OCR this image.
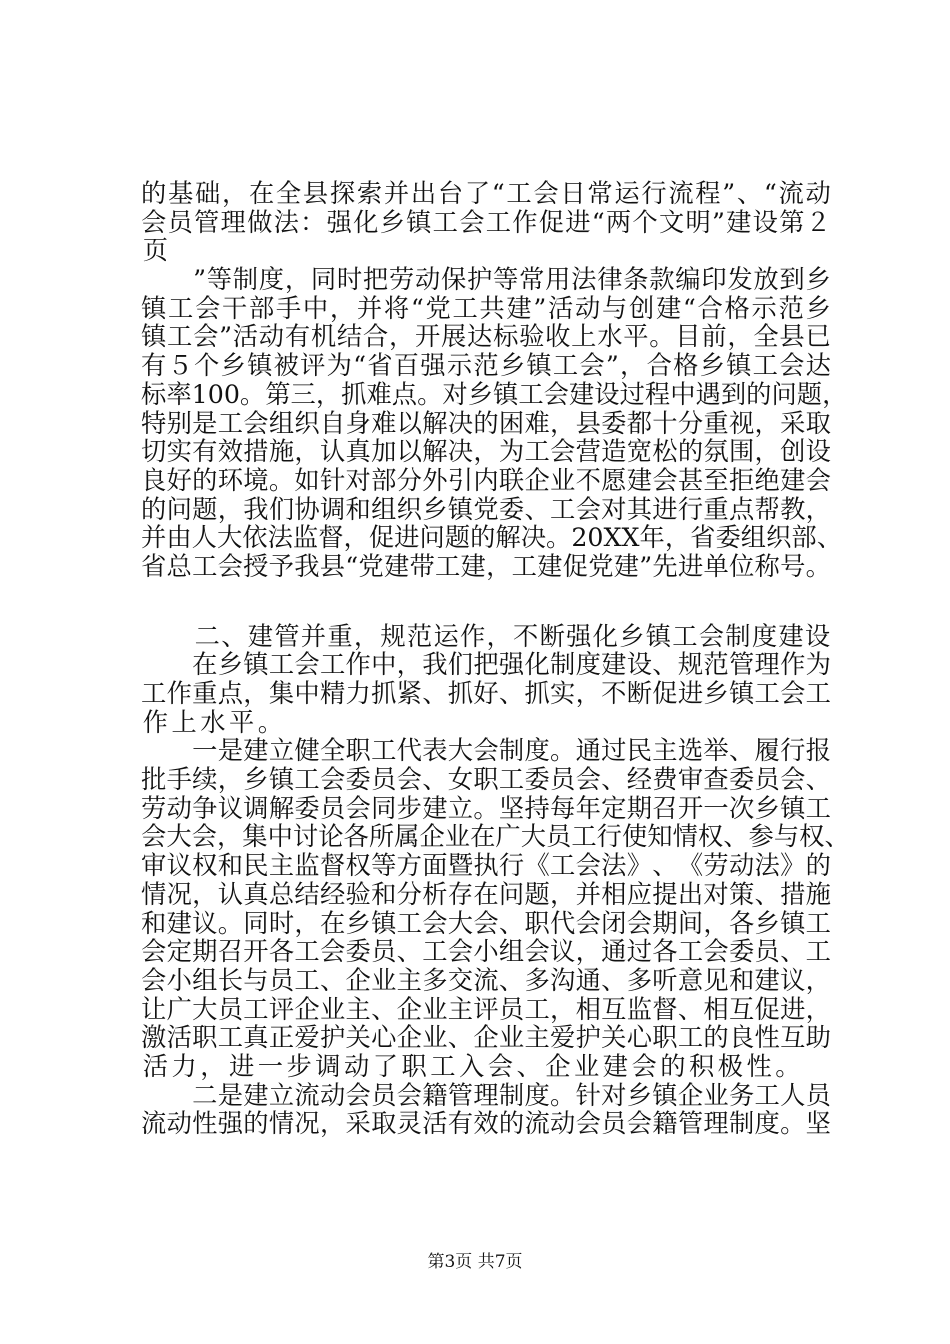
的 基 础 ， 在 全 县 探 索 并 出 台 了 “ 工 会 日 常 运 行 流 程 ” 、 “ 流 动
会 员 管 理 做 法 ： 强 化 乡 镇 工 会 工 作 促 进 “ 两 个 文 明 ” 建 设 第 ２
页

” 等 制 度 ， 同 时 把 劳 动 保 护 等 常 用 法 律 条 款 编 印 发 放 到 乡
镇 工 会 干 部 手 中 ， 并 将 “ 党 工 共 建 ” 活 动 与 创 建 “ 合 格 示 范 乡
镇 工 会 ” 活 动 有 机 结 合 ， 开 展 达 标 验 收 上 水 平 。 目 前 ， 全 县 已
有 ５ 个 乡 镇 被 评 为 “ 省 百 强 示 范 乡 镇 工 会 ” ， 合 格 乡 镇 工 会 达
标 率 100 。 第 三 ， 抓 难 点 。 对 乡 镇 工 会 建 设 过 程 中 遇 到 的 问 题 ，
特 别 是 工 会 组 织 自 身 难 以 解 决 的 困 难 ， 县 委 都 十 分 重 视 ， 采 取
切 实 有 效 措 施 ， 认 真 加 以 解 决 ， 为 工 会 营 造 宽 松 的 氛 围 ， 创 设
良 好 的 环 境 。 如 针 对 部 分 外 引 内 联 企 业 不 愿 建 会 甚 至 拒 绝 建 会
的 问 题 ， 我 们 协 调 和 组 织 乡 镇 党 委 、 工 会 对 其 进 行 重 点 帮 教 ，
并 由 人 大 依 法 监 督 ， 促 进 问 题 的 解 决 。 20XX 年 ， 省 委 组 织 部 、
省 总 工 会 授 予 我 县 “ 党 建 带 工 建 ， 工 建 促 党 建 ” 先 进 单 位 称 号 。

二 、 建 管 并 重 ， 规 范 运 作 ， 不 断 强 化 乡 镇 工 会 制 度 建 设

在 乡 镇 工 会 工 作 中 ， 我 们 把 强 化 制 度 建 设 、 规 范 管 理 作 为
工 作 重 点 ， 集 中 精 力 抓 紧 、 抓 好 、 抓 实 ， 不 断 促 进 乡 镇 工 会 工
作 上 水 平 。

一 是 建 立 健 全 职 工 代 表 大 会 制 度 。 通 过 民 主 选 举 、 履 行 报
批 手 续 ， 乡 镇 工 会 委 员 会 、 女 职 工 委 员 会 、 经 费 审 查 委 员 会 、
劳 动 争 议 调 解 委 员 会 同 步 建 立 。 坚 持 每 年 定 期 召 开 一 次 乡 镇 工
会 大 会 ， 集 中 讨 论 各 所 属 企 业 在 广 大 员 工 行 使 知 情 权 、 参 与 权 、
审 议 权 和 民 主 监 督 权 等 方 面 暨 执 行 《 工 会 法 》 、 《 劳 动 法 》 的
情 况 ， 认 真 总 结 经 验 和 分 析 存 在 问 题 ， 并 相 应 提 出 对 策 、 措 施
和 建 议 。 同 时 ， 在 乡 镇 工 会 大 会 、 职 代 会 闭 会 期 间 ， 各 乡 镇 工
会 定 期 召 开 各 工 会 委 员 、 工 会 小 组 会 议 ， 通 过 各 工 会 委 员 、 工
会 小 组 长 与 员 工 、 企 业 主 多 交 流 、 多 沟 通 、 多 听 意 见 和 建 议 ，
让 广 大 员 工 评 企 业 主 、 企 业 主 评 员 工 ， 相 互 监 督 、 相 互 促 进 ，
激 活 职 工 真 正 爱 护 关 心 企 业 、 企 业 主 爱 护 关 心 职 工 的 良 性 互 助
活 力 ， 进 一 步 调 动 了 职 工 入 会 、 企 业 建 会 的 积 极 性 。

二 是 建 立 流 动 会 员 会 籍 管 理 制 度 。 针 对 乡 镇 企 业 务 工 人 员
流 动 性 强 的 情 况 ， 采 取 灵 活 有 效 的 流 动 会 员 会 籍 管 理 制 度 。 坚
第3页 共7页
